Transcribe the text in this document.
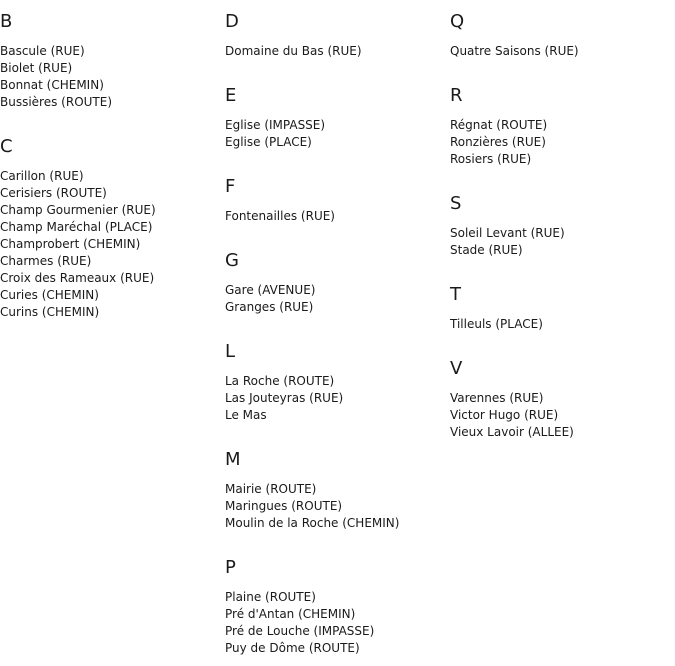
B
Bascule (RUE)
Biolet (RUE)
Bonnat (CHEMIN)
Bussières (ROUTE)
C
Carillon (RUE)
Cerisiers (ROUTE)
Champ Gourmenier (RUE)
Champ Maréchal (PLACE)
Champrobert (CHEMIN)
Charmes (RUE)
Croix des Rameaux (RUE)
Curies (CHEMIN)
Curins (CHEMIN)
D
Domaine du Bas (RUE)
E
Eglise (IMPASSE)
Eglise (PLACE)
F
Fontenailles (RUE)
G
Gare (AVENUE)
Granges (RUE)
L
La Roche (ROUTE)
Las Jouteyras (RUE)
Le Mas
M
Mairie (ROUTE)
Maringues (ROUTE)
Moulin de la Roche (CHEMIN)
P
Plaine (ROUTE)
Pré d'Antan (CHEMIN)
Pré de Louche (IMPASSE)
Puy de Dôme (ROUTE)
Q
Quatre Saisons (RUE)
R
Régnat (ROUTE)
Ronzières (RUE)
Rosiers (RUE)
S
Soleil Levant (RUE)
Stade (RUE)
T
Tilleuls (PLACE)
V
Varennes (RUE)
Victor Hugo (RUE)
Vieux Lavoir (ALLEE)
